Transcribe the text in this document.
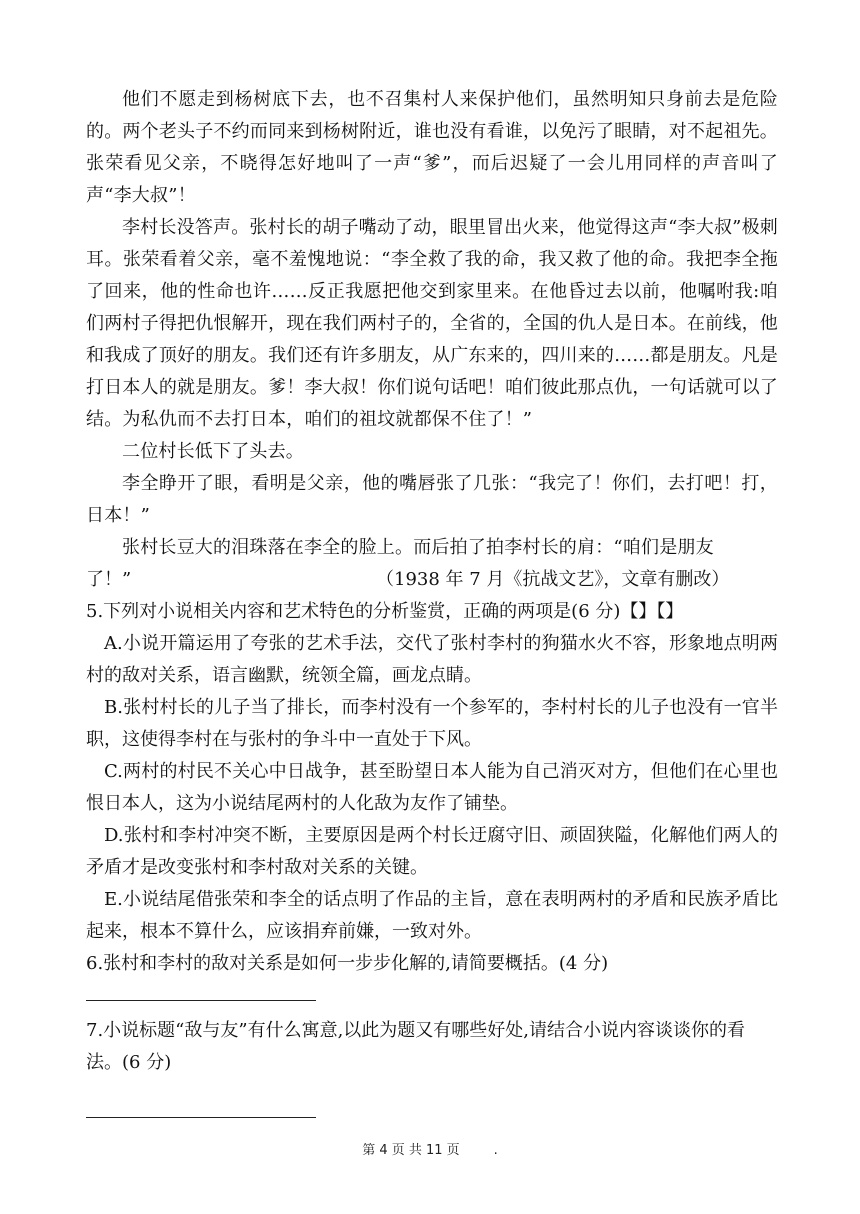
他们不愿走到杨树底下去，也不召集村人来保护他们，虽然明知只身前去是危险的。两个老头子不约而同来到杨树附近，谁也没有看谁，以免污了眼睛，对不起祖先。张荣看见父亲，不晓得怎好地叫了一声“爹”，而后迟疑了一会儿用同样的声音叫了声“李大叔”！

李村长没答声。张村长的胡子嘴动了动，眼里冒出火来，他觉得这声“李大叔”极刺耳。张荣看着父亲，毫不羞愧地说：“李全救了我的命，我又救了他的命。我把李全拖了回来，他的性命也许……反正我愿把他交到家里来。在他昏过去以前，他嘱咐我:咱们两村子得把仇恨解开，现在我们两村子的，全省的，全国的仇人是日本。在前线，他和我成了顶好的朋友。我们还有许多朋友，从广东来的，四川来的……都是朋友。凡是打日本人的就是朋友。爹！李大叔！你们说句话吧！咱们彼此那点仇，一句话就可以了结。为私仇而不去打日本，咱们的祖坟就都保不住了！”

二位村长低下了头去。

李全睁开了眼，看明是父亲，他的嘴唇张了几张：“我完了！你们，去打吧！打，日本！”

张村长豆大的泪珠落在李全的脸上。而后拍了拍李村长的肩：“咱们是朋友

了！”	（1938 年 7 月《抗战文艺》，文章有删改）

5.下列对小说相关内容和艺术特色的分析鉴赏，正确的两项是(6 分)【】【】

A.小说开篇运用了夸张的艺术手法，交代了张村李村的狗猫水火不容，形象地点明两村的敌对关系，语言幽默，统领全篇，画龙点睛。

B.张村村长的儿子当了排长，而李村没有一个参军的，李村村长的儿子也没有一官半职，这使得李村在与张村的争斗中一直处于下风。

C.两村的村民不关心中日战争，甚至盼望日本人能为自己消灭对方，但他们在心里也恨日本人，这为小说结尾两村的人化敌为友作了铺垫。

D.张村和李村冲突不断，主要原因是两个村长迂腐守旧、顽固狭隘，化解他们两人的矛盾才是改变张村和李村敌对关系的关键。

E.小说结尾借张荣和李全的话点明了作品的主旨，意在表明两村的矛盾和民族矛盾比起来，根本不算什么，应该捐弃前嫌，一致对外。

6.张村和李村的敌对关系是如何一步步化解的,请简要概括。(4 分)

7.小说标题“敌与友”有什么寓意,以此为题又有哪些好处,请结合小说内容谈谈你的看法。(6 分)

第 4 页 共 11 页	.
